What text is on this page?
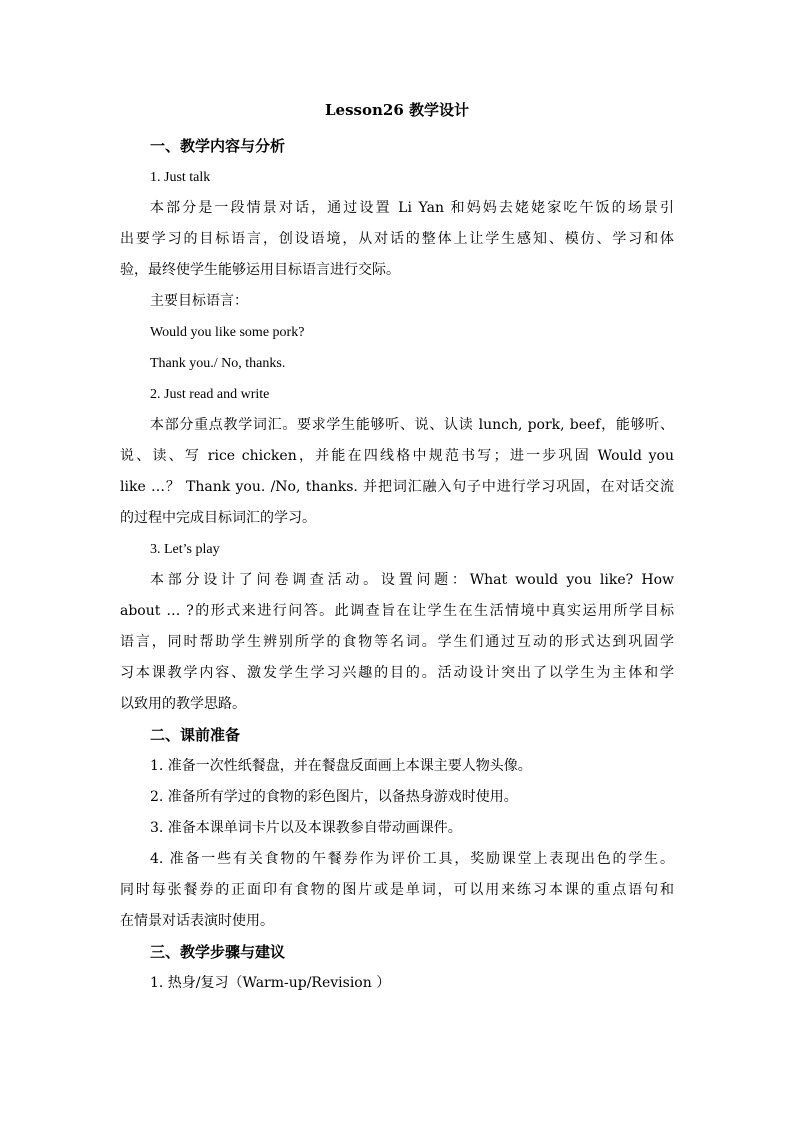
Lesson26 教学设计
一、教学内容与分析
1. Just talk
本部分是一段情景对话，通过设置 Li Yan 和妈妈去姥姥家吃午饭的场景引
出要学习的目标语言，创设语境，从对话的整体上让学生感知、模仿、学习和体
验，最终使学生能够运用目标语言进行交际。
主要目标语言：
Would you like some pork?
Thank you./ No, thanks.
2. Just read and write
本部分重点教学词汇。要求学生能够听、说、认读 lunch, pork, beef，能够听、
说、读、写 rice chicken，并能在四线格中规范书写；进一步巩固 Would you
like …？ Thank you. /No, thanks. 并把词汇融入句子中进行学习巩固，在对话交流
的过程中完成目标词汇的学习。
3. Let’s play
本部分设计了问卷调查活动。设置问题：What would you like? How
about … ?的形式来进行问答。此调查旨在让学生在生活情境中真实运用所学目标
语言，同时帮助学生辨别所学的食物等名词。学生们通过互动的形式达到巩固学
习本课教学内容、激发学生学习兴趣的目的。活动设计突出了以学生为主体和学
以致用的教学思路。
二、课前准备
1. 准备一次性纸餐盘，并在餐盘反面画上本课主要人物头像。
2. 准备所有学过的食物的彩色图片，以备热身游戏时使用。
3. 准备本课单词卡片以及本课教参自带动画课件。
4. 准备一些有关食物的午餐券作为评价工具，奖励课堂上表现出色的学生。
同时每张餐券的正面印有食物的图片或是单词，可以用来练习本课的重点语句和
在情景对话表演时使用。
三、教学步骤与建议
1. 热身/复习（Warm-up/Revision ）
